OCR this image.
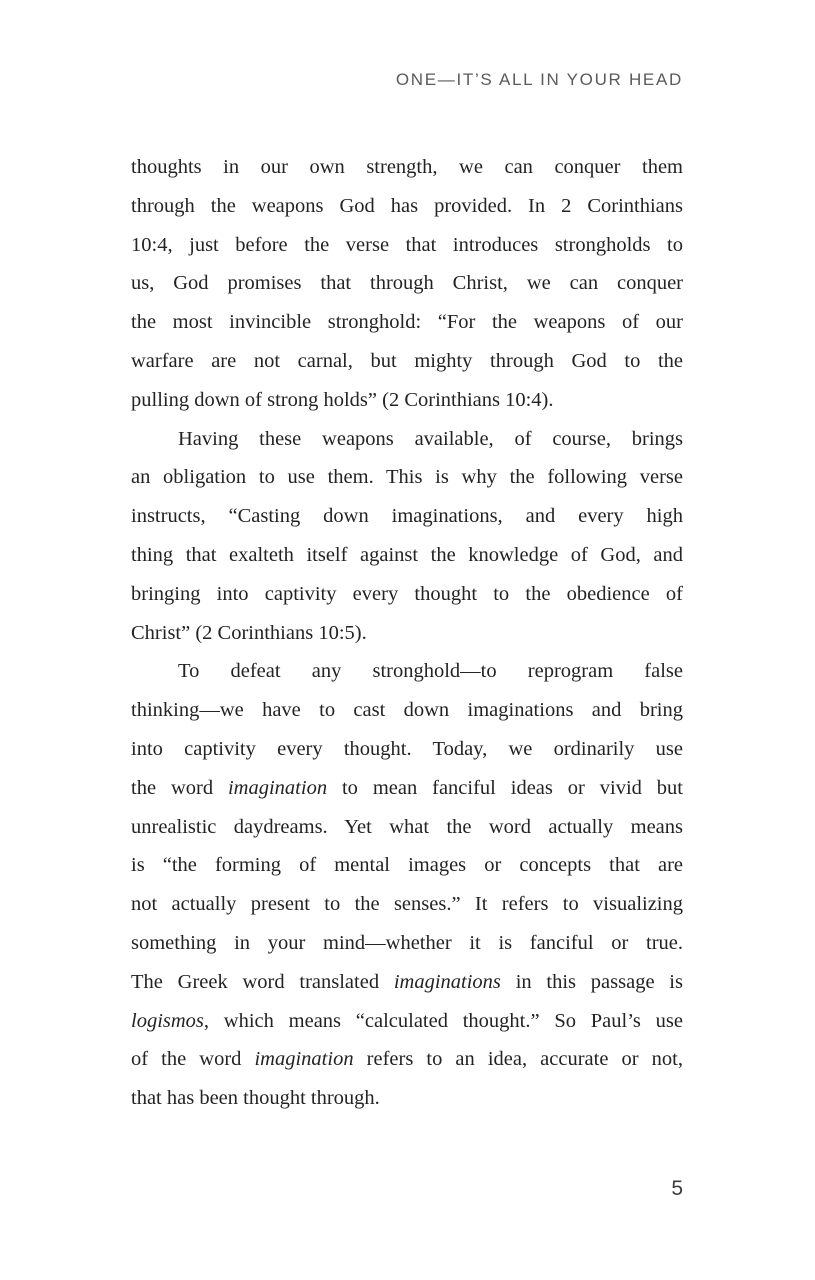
ONE—IT’S ALL IN YOUR HEAD
thoughts in our own strength, we can conquer them
through the weapons God has provided. In 2 Corinthians
10:4, just before the verse that introduces strongholds to
us, God promises that through Christ, we can conquer
the most invincible stronghold: “For the weapons of our
warfare are not carnal, but mighty through God to the
pulling down of strong holds” (2 Corinthians 10:4).
Having these weapons available, of course, brings
an obligation to use them. This is why the following verse
instructs, “Casting down imaginations, and every high
thing that exalteth itself against the knowledge of God, and
bringing into captivity every thought to the obedience of
Christ” (2 Corinthians 10:5).
To defeat any stronghold—to reprogram false
thinking—we have to cast down imaginations and bring
into captivity every thought. Today, we ordinarily use
the word imagination to mean fanciful ideas or vivid but
unrealistic daydreams. Yet what the word actually means
is “the forming of mental images or concepts that are
not actually present to the senses.” It refers to visualizing
something in your mind—whether it is fanciful or true.
The Greek word translated imaginations in this passage is
logismos, which means “calculated thought.” So Paul’s use
of the word imagination refers to an idea, accurate or not,
that has been thought through.
5
